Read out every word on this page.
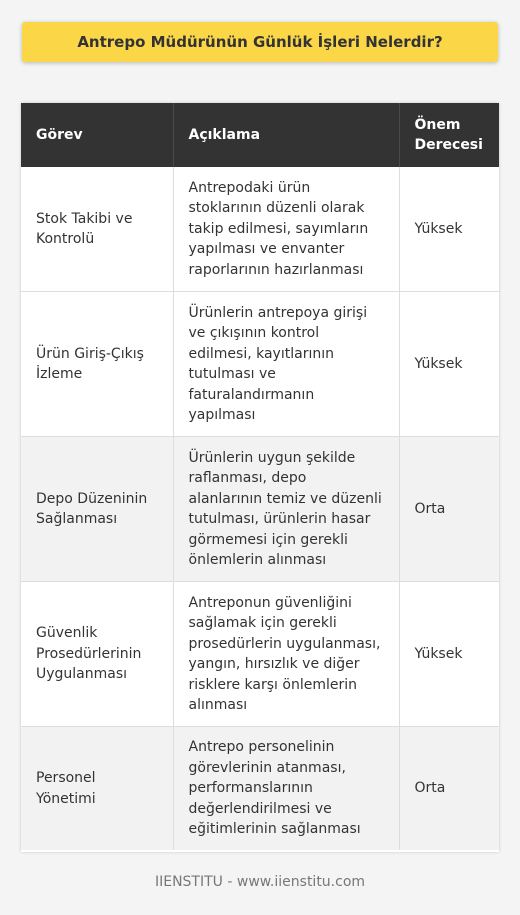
Antrepo Müdürünün Günlük İşleri Nelerdir?
Görev	Açıklama	Önem Derecesi
Stok Takibi ve Kontrolü	Antrepodaki ürün stoklarının düzenli olarak takip edilmesi, sayımların yapılması ve envanter raporlarının hazırlanması	Yüksek
Ürün Giriş-Çıkış İzleme	Ürünlerin antrepoya girişi ve çıkışının kontrol edilmesi, kayıtlarının tutulması ve faturalandırmanın yapılması	Yüksek
Depo Düzeninin Sağlanması	Ürünlerin uygun şekilde raflanması, depo alanlarının temiz ve düzenli tutulması, ürünlerin hasar görmemesi için gerekli önlemlerin alınması	Orta
Güvenlik Prosedürlerinin Uygulanması	Antreponun güvenliğini sağlamak için gerekli prosedürlerin uygulanması, yangın, hırsızlık ve diğer risklere karşı önlemlerin alınması	Yüksek
Personel Yönetimi	Antrepo personelinin görevlerinin atanması, performanslarının değerlendirilmesi ve eğitimlerinin sağlanması	Orta
IIENSTITU - www.iienstitu.com
